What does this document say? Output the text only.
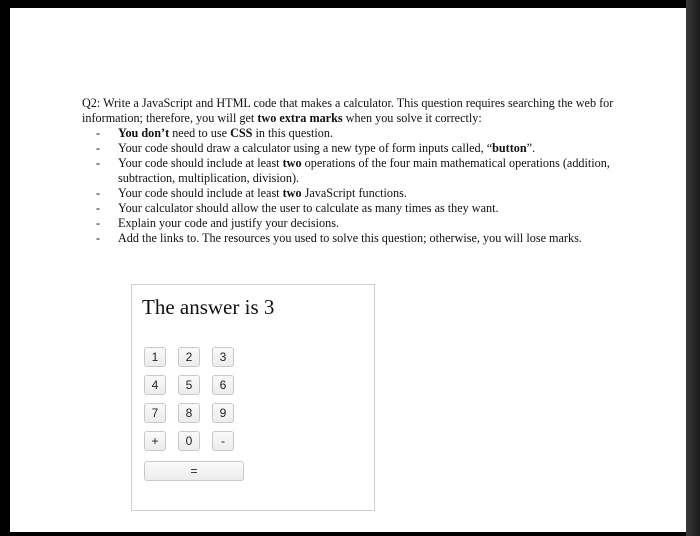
Q2: Write a JavaScript and HTML code that makes a calculator. This question requires searching the web for information; therefore, you will get two extra marks when you solve it correctly:

- You don’t need to use CSS in this question.
- Your code should draw a calculator using a new type of form inputs called, “button”.
- Your code should include at least two operations of the four main mathematical operations (addition, subtraction, multiplication, division).
- Your code should include at least two JavaScript functions.
- Your calculator should allow the user to calculate as many times as they want.
- Explain your code and justify your decisions.
- Add the links to. The resources you used to solve this question; otherwise, you will lose marks.
The answer is 3
1	2	3
4	5	6
7	8	9
+	0	-
=
